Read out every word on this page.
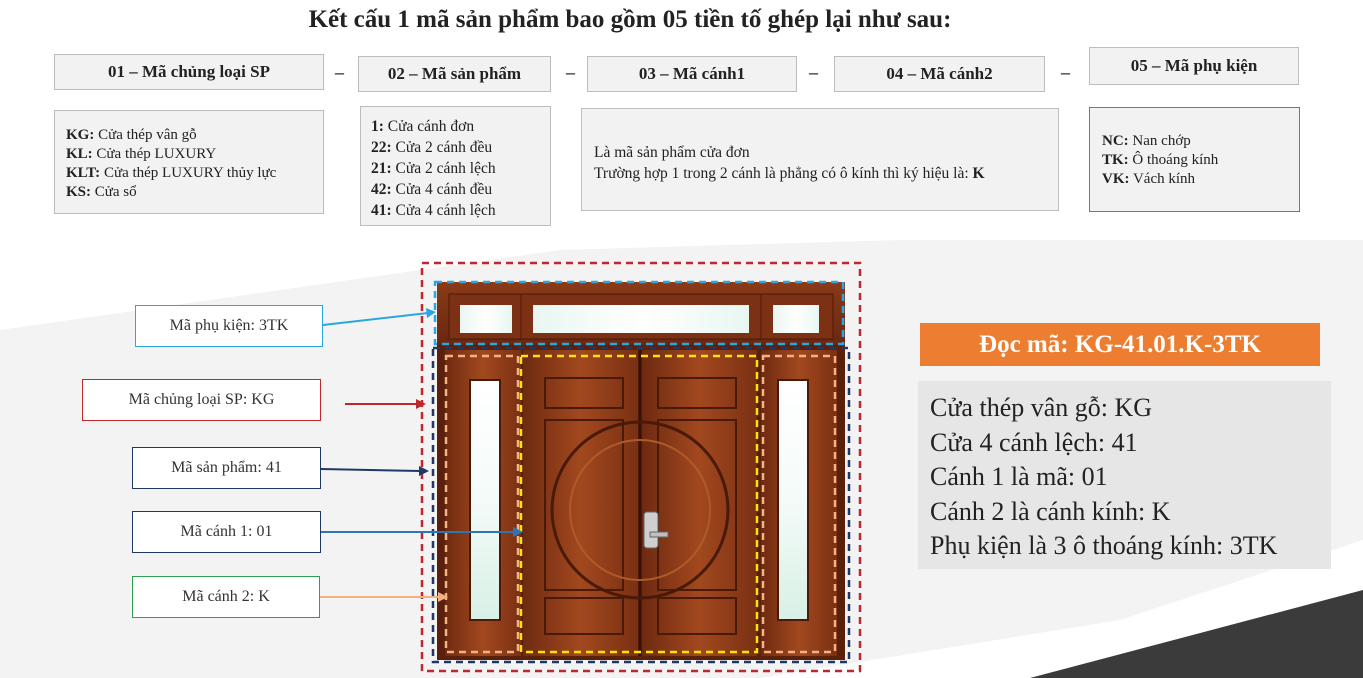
Kết cấu 1 mã sản phẩm bao gồm 05 tiền tố ghép lại như sau:
01 – Mã chủng loại SP	–	02 – Mã sản phẩm	–	03 – Mã cánh1	–	04 – Mã cánh2	–	05 – Mã phụ kiện
KG: Cửa thép vân gỗ
KL: Cửa thép LUXURY
KLT: Cửa thép LUXURY thủy lực
KS: Cửa sổ
1: Cửa cánh đơn
22: Cửa 2 cánh đều
21: Cửa 2 cánh lệch
42: Cửa 4 cánh đều
41: Cửa 4 cánh lệch
Là mã sản phẩm cửa đơn
Trường hợp 1 trong 2 cánh là phẳng có ô kính thì ký hiệu là: K
NC: Nan chớp
TK: Ô thoáng kính
VK: Vách kính
Mã phụ kiện: 3TK
Mã chủng loại SP: KG
Mã sản phẩm: 41
Mã cánh 1: 01
Mã cánh 2: K
Đọc mã: KG-41.01.K-3TK
Cửa thép vân gỗ: KG
Cửa 4 cánh lệch: 41
Cánh 1 là mã: 01
Cánh 2 là cánh kính: K
Phụ kiện là 3 ô thoáng kính: 3TK
